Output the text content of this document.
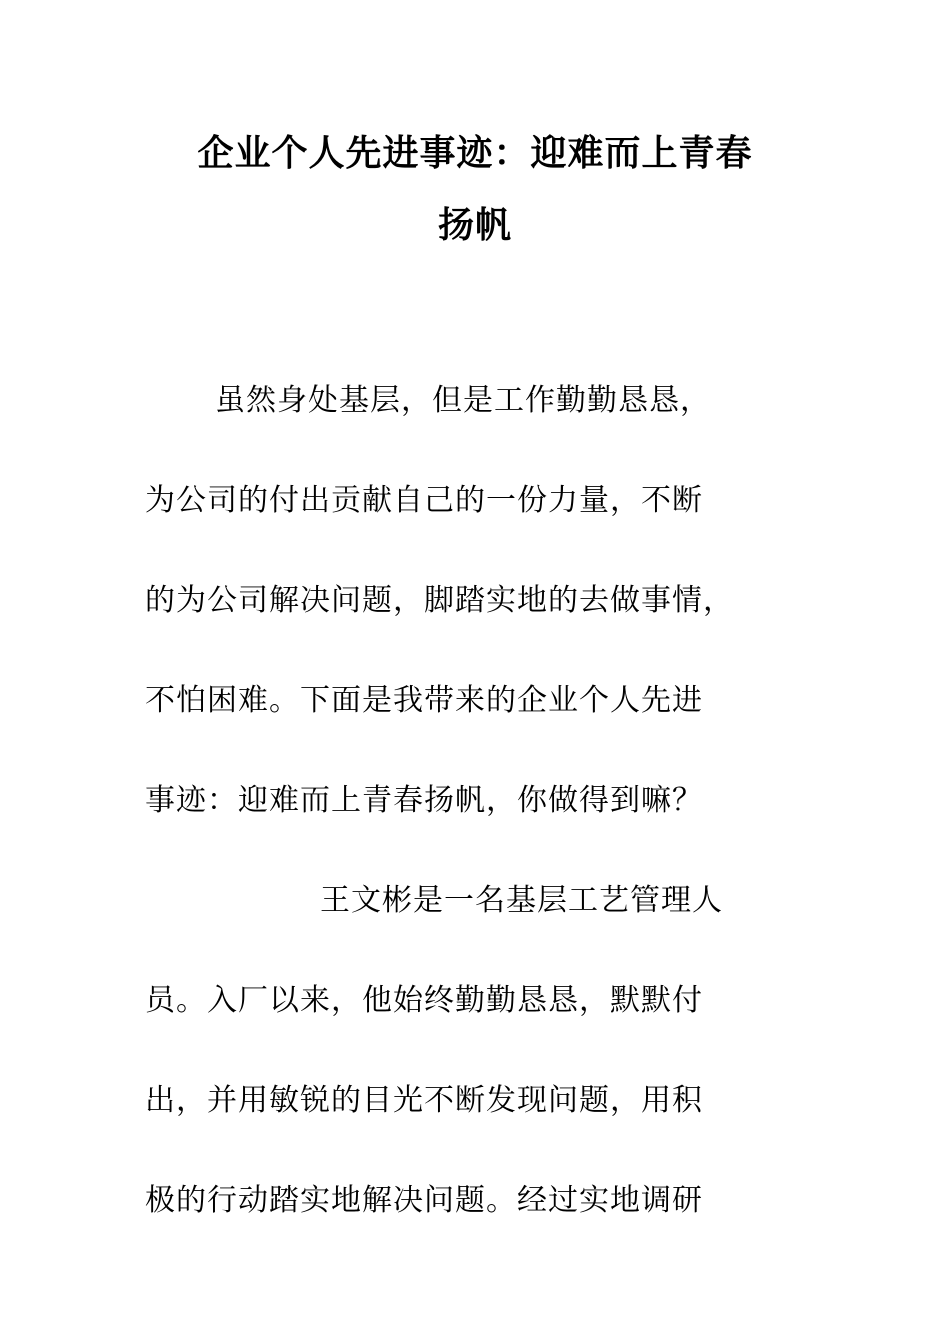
企业个人先进事迹：迎难而上青春
扬帆
虽然身处基层，但是工作勤勤恳恳，
为公司的付出贡献自己的一份力量，不断
的为公司解决问题，脚踏实地的去做事情，
不怕困难。下面是我带来的企业个人先进
事迹：迎难而上青春扬帆，你做得到嘛？
王文彬是一名基层工艺管理人
员。入厂以来，他始终勤勤恳恳，默默付
出，并用敏锐的目光不断发现问题，用积
极的行动踏实地解决问题。经过实地调研
